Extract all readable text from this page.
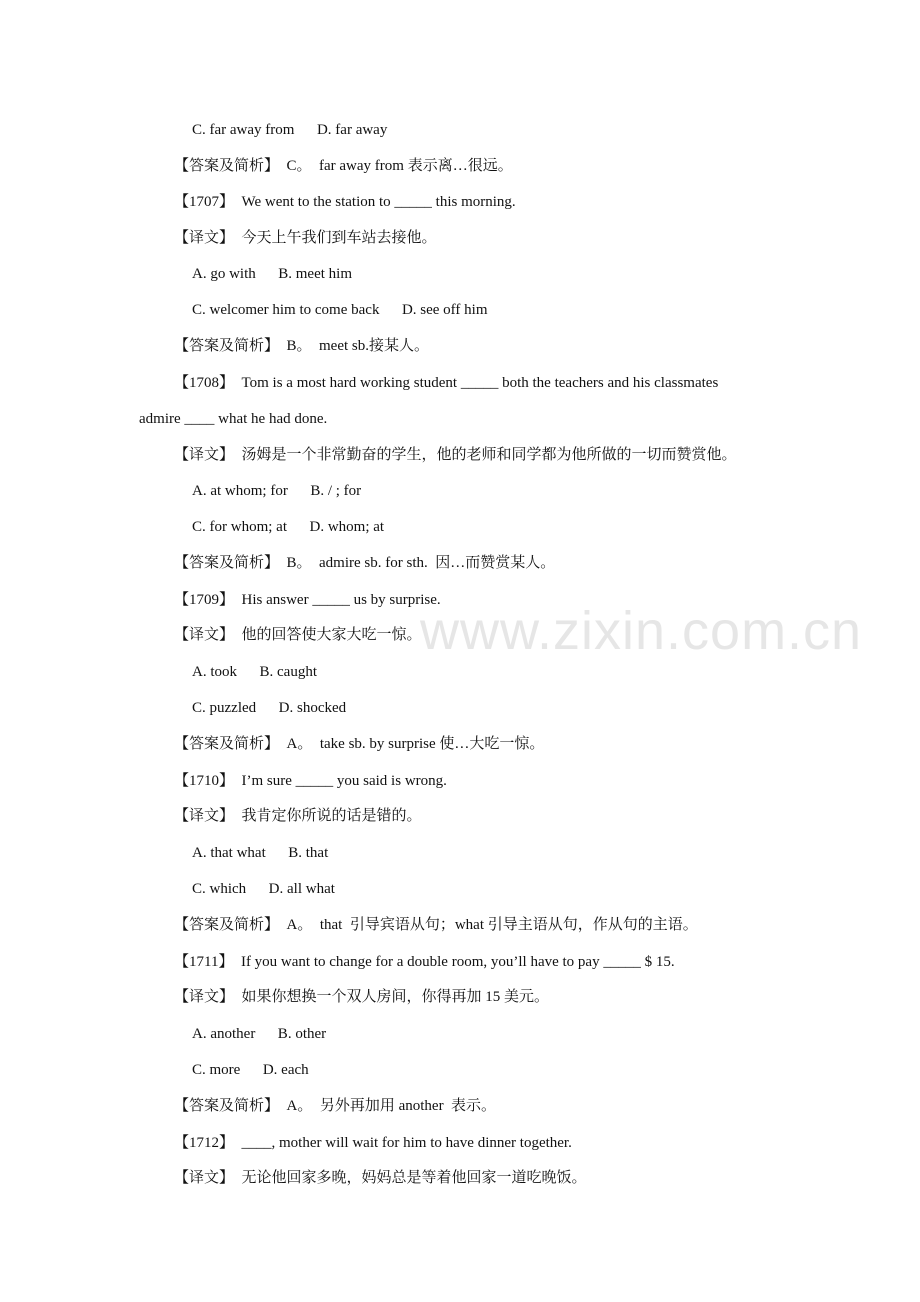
www.zixin.com.cn
C. far away from      D. far away
【答案及简析】  C。  far away from 表示离…很远。
【1707】  We went to the station to _____ this morning.
【译文】  今天上午我们到车站去接他。
A. go with      B. meet him
C. welcomer him to come back      D. see off him
【答案及简析】  B。  meet sb.接某人。
【1708】  Tom is a most hard working student _____ both the teachers and his classmates
admire ____ what he had done.
【译文】  汤姆是一个非常勤奋的学生，他的老师和同学都为他所做的一切而赞赏他。
A. at whom; for      B. / ; for
C. for whom; at      D. whom; at
【答案及简析】  B。  admire sb. for sth.  因…而赞赏某人。
【1709】  His answer _____ us by surprise.
【译文】  他的回答使大家大吃一惊。
A. took      B. caught
C. puzzled      D. shocked
【答案及简析】  A。  take sb. by surprise 使…大吃一惊。
【1710】  I’m sure _____ you said is wrong.
【译文】  我肯定你所说的话是错的。
A. that what      B. that
C. which      D. all what
【答案及简析】  A。  that  引导宾语从句；what 引导主语从句，作从句的主语。
【1711】  If you want to change for a double room, you’ll have to pay _____ $ 15.
【译文】  如果你想换一个双人房间，你得再加 15 美元。
A. another      B. other
C. more      D. each
【答案及简析】  A。  另外再加用 another  表示。
【1712】  ____, mother will wait for him to have dinner together.
【译文】  无论他回家多晚，妈妈总是等着他回家一道吃晚饭。
